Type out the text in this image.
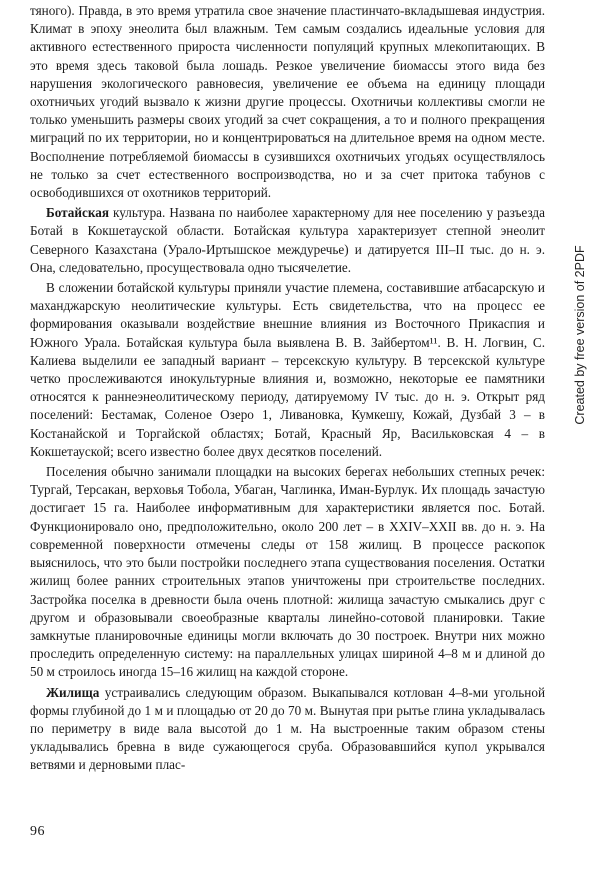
тяного). Правда, в это время утратила свое значение пластинчато-вкладышевая индустрия. Климат в эпоху энеолита был влажным. Тем самым создались идеальные условия для активного естественного прироста численности популяций крупных млекопитающих. В это время здесь таковой была лошадь. Резкое увеличение биомассы этого вида без нарушения экологического равновесия, увеличение ее объема на единицу площади охотничьих угодий вызвало к жизни другие процессы. Охотничьи коллективы смогли не только уменьшить размеры своих угодий за счет сокращения, а то и полного прекращения миграций по их территории, но и концентрироваться на длительное время на одном месте. Восполнение потребляемой биомассы в сузившихся охотничьих угодьях осуществлялось не только за счет естественного воспроизводства, но и за счет притока табунов с освободившихся от охотников территорий.

Ботайская культура. Названа по наиболее характерному для нее поселению у разъезда Ботай в Кокшетауской области. Ботайская культура характеризует степной энеолит Северного Казахстана (Урало-Иртышское междуречье) и датируется III–II тыс. до н. э. Она, следовательно, просуществовала одно тысячелетие.

В сложении ботайской культуры приняли участие племена, составившие атбасарскую и маханджарскую неолитические культуры. Есть свидетельства, что на процесс ее формирования оказывали воздействие внешние влияния из Восточного Прикаспия и Южного Урала. Ботайская культура была выявлена В. В. Зайбертом¹¹. В. Н. Логвин, С. Калиева выделили ее западный вариант – терсекскую культуру. В терсекской культуре четко прослеживаются инокультурные влияния и, возможно, некоторые ее памятники относятся к раннеэнеолитическому периоду, датируемому IV тыс. до н. э. Открыт ряд поселений: Бестамак, Соленое Озеро 1, Ливановка, Кумкешу, Кожай, Дузбай 3 – в Костанайской и Торгайской областях; Ботай, Красный Яр, Васильковская 4 – в Кокшетауской; всего известно более двух десятков поселений.

Поселения обычно занимали площадки на высоких берегах небольших степных речек: Тургай, Терсакан, верховья Тобола, Убаган, Чаглинка, Иман-Бурлук. Их площадь зачастую достигает 15 га. Наиболее информативным для характеристики является пос. Ботай. Функционировало оно, предположительно, около 200 лет – в XXIV–XXII вв. до н. э. На современной поверхности отмечены следы от 158 жилищ. В процессе раскопок выяснилось, что это были постройки последнего этапа существования поселения. Остатки жилищ более ранних строительных этапов уничтожены при строительстве последних. Застройка поселка в древности была очень плотной: жилища зачастую смыкались друг с другом и образовывали своеобразные кварталы линейно-сотовой планировки. Такие замкнутые планировочные единицы могли включать до 30 построек. Внутри них можно проследить определенную систему: на параллельных улицах шириной 4–8 м и длиной до 50 м строилось иногда 15–16 жилищ на каждой стороне.

Жилища устраивались следующим образом. Выкапывался котлован 4–8-ми угольной формы глубиной до 1 м и площадью от 20 до 70 м. Вынутая при рытье глина укладывалась по периметру в виде вала высотой до 1 м. На выстроенные таким образом стены укладывались бревна в виде сужающегося сруба. Образовавшийся купол укрывался ветвями и дерновыми плас-

96
Created by free version of 2PDF
